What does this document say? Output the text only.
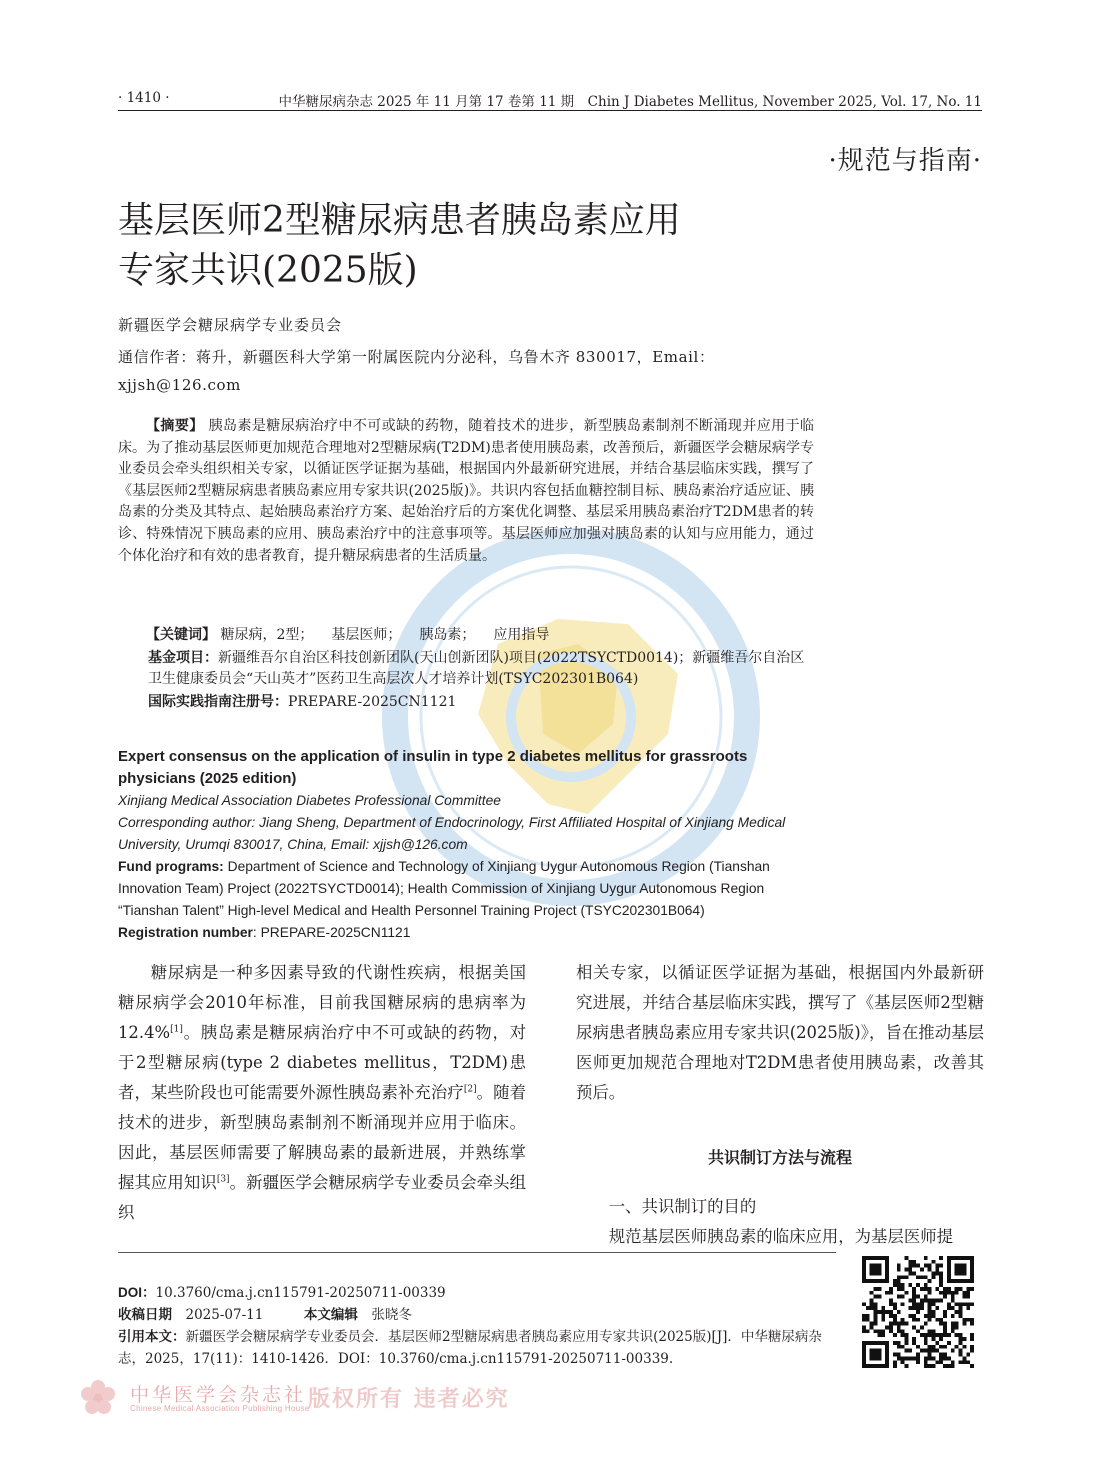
· 1410 ·	中华糖尿病杂志 2025 年 11 月第 17 卷第 11 期　Chin J Diabetes Mellitus, November 2025, Vol. 17, No. 11
·规范与指南·
基层医师2型糖尿病患者胰岛素应用
专家共识(2025版)
新疆医学会糖尿病学专业委员会
通信作者：蒋升，新疆医科大学第一附属医院内分泌科，乌鲁木齐 830017，Email：xjjsh@126.com

【摘要】 胰岛素是糖尿病治疗中不可或缺的药物，随着技术的进步，新型胰岛素制剂不断涌现并应用于临床。为了推动基层医师更加规范合理地对2型糖尿病(T2DM)患者使用胰岛素，改善预后，新疆医学会糖尿病学专业委员会牵头组织相关专家，以循证医学证据为基础，根据国内外最新研究进展，并结合基层临床实践，撰写了《基层医师2型糖尿病患者胰岛素应用专家共识(2025版)》。共识内容包括血糖控制目标、胰岛素治疗适应证、胰岛素的分类及其特点、起始胰岛素治疗方案、起始治疗后的方案优化调整、基层采用胰岛素治疗T2DM患者的转诊、特殊情况下胰岛素的应用、胰岛素治疗中的注意事项等。基层医师应加强对胰岛素的认知与应用能力，通过个体化治疗和有效的患者教育，提升糖尿病患者的生活质量。

【关键词】 糖尿病，2型； 基层医师； 胰岛素； 应用指导

基金项目：新疆维吾尔自治区科技创新团队(天山创新团队)项目(2022TSYCTD0014)；新疆维吾尔自治区卫生健康委员会“天山英才”医药卫生高层次人才培养计划(TSYC202301B064)

国际实践指南注册号：PREPARE-2025CN1121

Expert consensus on the application of insulin in type 2 diabetes mellitus for grassroots physicians (2025 edition)

Xinjiang Medical Association Diabetes Professional Committee

Corresponding author: Jiang Sheng, Department of Endocrinology, First Affiliated Hospital of Xinjiang Medical University, Urumqi 830017, China, Email: xjjsh@126.com

Fund programs: Department of Science and Technology of Xinjiang Uygur Autonomous Region (Tianshan Innovation Team) Project (2022TSYCTD0014); Health Commission of Xinjiang Uygur Autonomous Region “Tianshan Talent” High-level Medical and Health Personnel Training Project (TSYC202301B064)

Registration number: PREPARE-2025CN1121

糖尿病是一种多因素导致的代谢性疾病，根据美国糖尿病学会2010年标准，目前我国糖尿病的患病率为12.4%[1]。胰岛素是糖尿病治疗中不可或缺的药物，对于2型糖尿病(type 2 diabetes mellitus，T2DM)患者，某些阶段也可能需要外源性胰岛素补充治疗[2]。随着技术的进步，新型胰岛素制剂不断涌现并应用于临床。因此，基层医师需要了解胰岛素的最新进展，并熟练掌握其应用知识[3]。新疆医学会糖尿病学专业委员会牵头组织

相关专家，以循证医学证据为基础，根据国内外最新研究进展，并结合基层临床实践，撰写了《基层医师2型糖尿病患者胰岛素应用专家共识(2025版)》，旨在推动基层医师更加规范合理地对T2DM患者使用胰岛素，改善其预后。

共识制订方法与流程

一、共识制订的目的

规范基层医师胰岛素的临床应用，为基层医师提

DOI：10.3760/cma.j.cn115791-20250711-00339

收稿日期　 2025-07-11　　　	本文编辑　 张晓冬

引用本文：新疆医学会糖尿病学专业委员会．基层医师2型糖尿病患者胰岛素应用专家共识(2025版)[J]．中华糖尿病杂志，2025，17(11)：1410-1426．DOI：10.3760/cma.j.cn115791-20250711-00339.

中华医学会杂志社
Chinese Medical Association Publishing House
版权所有 违者必究
